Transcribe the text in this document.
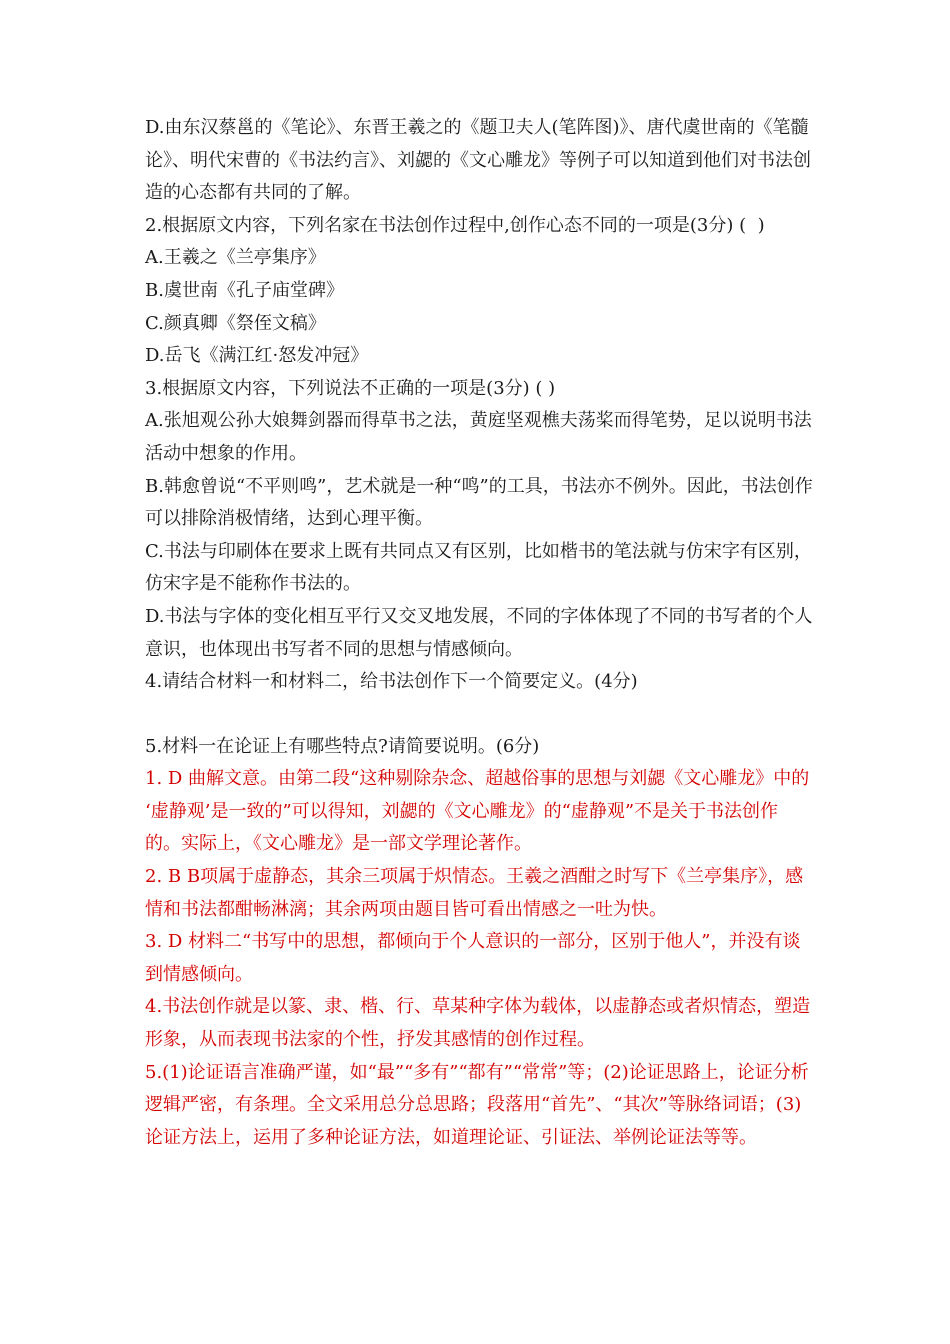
D.由东汉蔡邕的《笔论》、东晋王羲之的《题卫夫人(笔阵图)》、唐代虞世南的《笔髓论》、明代宋曹的《书法约言》、刘勰的《文心雕龙》等例子可以知道到他们对书法创造的心态都有共同的了解。

2.根据原文内容，下列名家在书法创作过程中,创作心态不同的一项是(3分) (  )

A.王羲之《兰亭集序》

B.虞世南《孔子庙堂碑》

C.颜真卿《祭侄文稿》

D.岳飞《满江红·怒发冲冠》

3.根据原文内容，下列说法不正确的一项是(3分) ( )

A.张旭观公孙大娘舞剑器而得草书之法，黄庭坚观樵夫荡桨而得笔势，足以说明书法活动中想象的作用。

B.韩愈曾说“不平则鸣”，艺术就是一种“鸣”的工具，书法亦不例外。因此，书法创作可以排除消极情绪，达到心理平衡。

C.书法与印刷体在要求上既有共同点又有区别，比如楷书的笔法就与仿宋字有区别，仿宋字是不能称作书法的。

D.书法与字体的变化相互平行又交叉地发展，不同的字体体现了不同的书写者的个人意识，也体现出书写者不同的思想与情感倾向。

4.请结合材料一和材料二，给书法创作下一个简要定义。(4分)

5.材料一在论证上有哪些特点?请简要说明。(6分)

1. D 曲解文意。由第二段“这种剔除杂念、超越俗事的思想与刘勰《文心雕龙》中的 ‘虚静观’是一致的”可以得知，刘勰的《文心雕龙》的“虚静观”不是关于书法创作的。实际上，《文心雕龙》是一部文学理论著作。

2. B B项属于虚静态，其余三项属于炽情态。王羲之酒酣之时写下《兰亭集序》，感情和书法都酣畅淋漓；其余两项由题目皆可看出情感之一吐为快。

3. D 材料二“书写中的思想，都倾向于个人意识的一部分，区别于他人”，并没有谈到情感倾向。

4.书法创作就是以篆、隶、楷、行、草某种字体为载体，以虚静态或者炽情态，塑造形象，从而表现书法家的个性，抒发其感情的创作过程。

5.(1)论证语言准确严谨，如“最”“多有”“都有”“常常”等；(2)论证思路上，论证分析逻辑严密，有条理。全文采用总分总思路；段落用“首先”、“其次”等脉络词语；(3)论证方法上，运用了多种论证方法，如道理论证、引证法、举例论证法等等。
